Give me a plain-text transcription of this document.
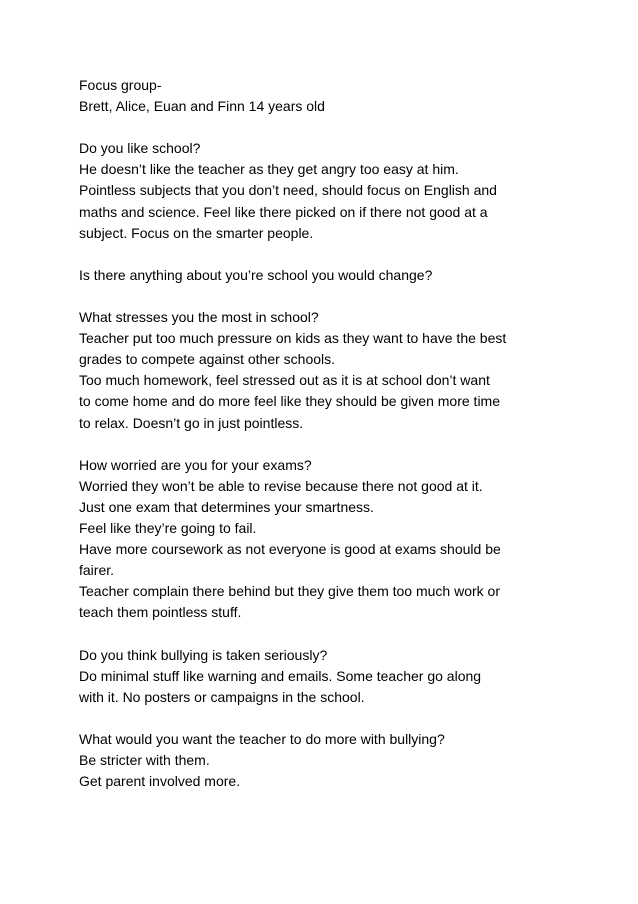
Focus group-
Brett, Alice, Euan and Finn 14 years old
Do you like school?
He doesn’t like the teacher as they get angry too easy at him.
Pointless subjects that you don’t need, should focus on English and
maths and science. Feel like there picked on if there not good at a
subject. Focus on the smarter people.
Is there anything about you’re school you would change?
What stresses you the most in school?
Teacher put too much pressure on kids as they want to have the best
grades to compete against other schools.
Too much homework, feel stressed out as it is at school don’t want
to come home and do more feel like they should be given more time
to relax. Doesn’t go in just pointless.
How worried are you for your exams?
Worried they won’t be able to revise because there not good at it.
Just one exam that determines your smartness.
Feel like they’re going to fail.
Have more coursework as not everyone is good at exams should be
fairer.
Teacher complain there behind but they give them too much work or
teach them pointless stuff.
Do you think bullying is taken seriously?
Do minimal stuff like warning and emails. Some teacher go along
with it. No posters or campaigns in the school.
What would you want the teacher to do more with bullying?
Be stricter with them.
Get parent involved more.
